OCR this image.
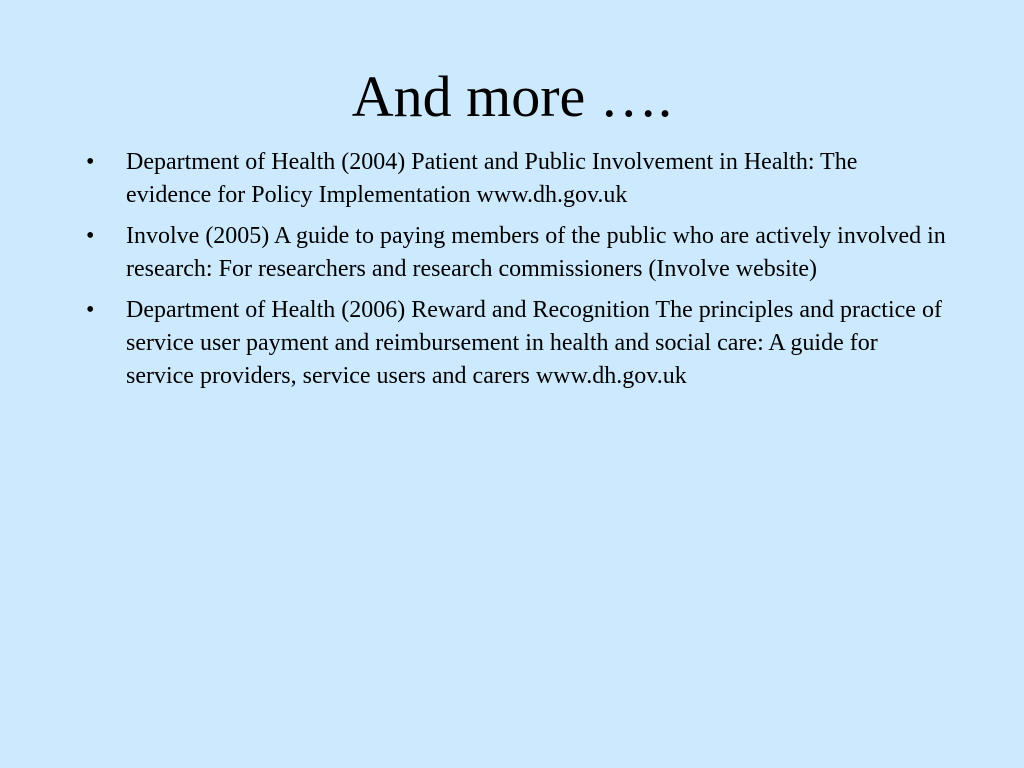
And more ….
•	Department of Health (2004) Patient and Public Involvement in Health: The evidence for Policy Implementation www.dh.gov.uk
•	Involve (2005) A guide to paying members of the public who are actively involved in research: For researchers and research commissioners (Involve website)
•	Department of Health (2006) Reward and Recognition The principles and practice of service user payment and reimbursement in health and social care: A guide for service providers, service users and carers www.dh.gov.uk
